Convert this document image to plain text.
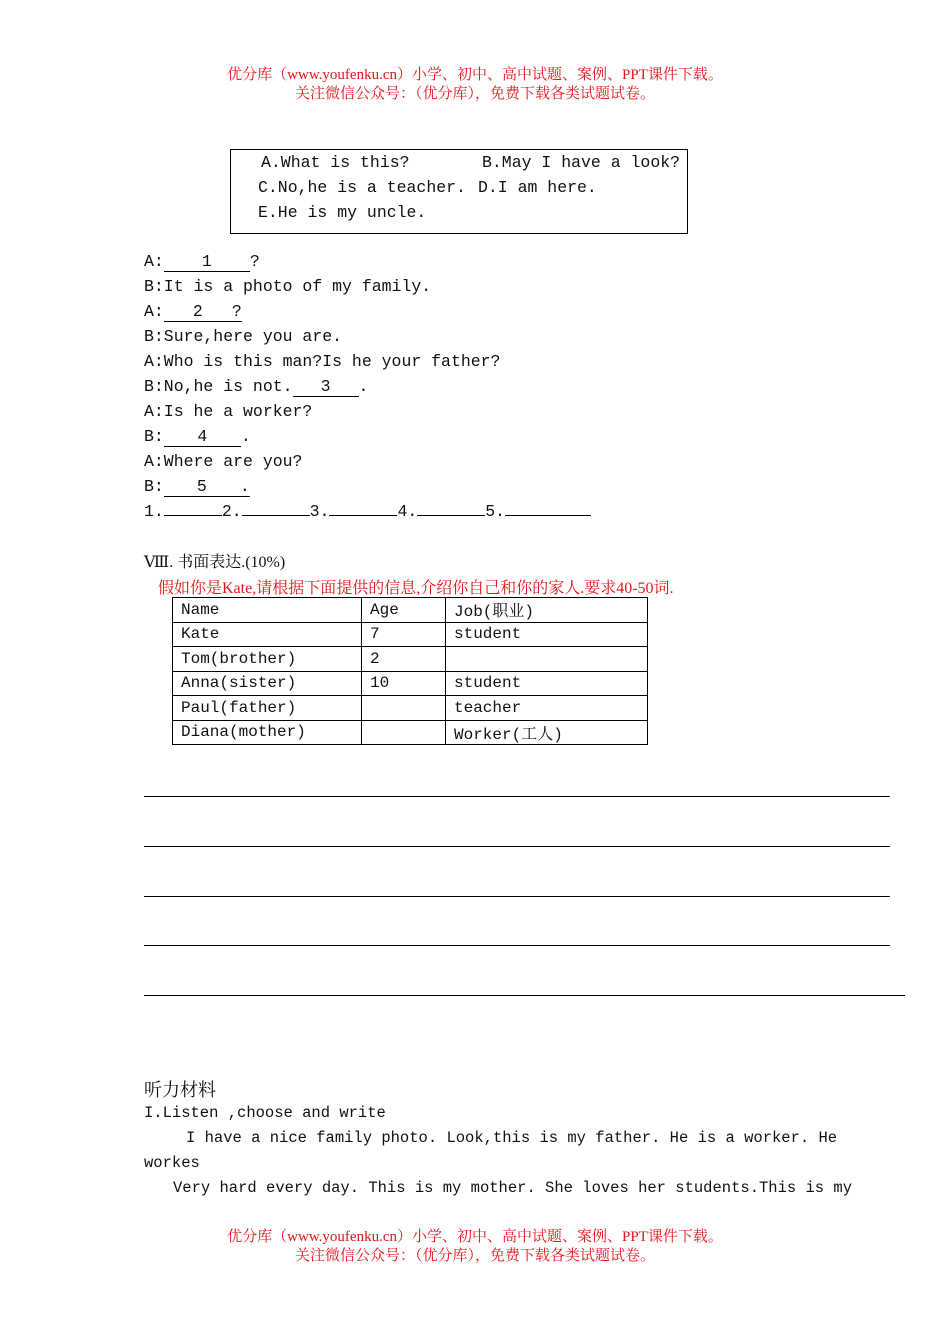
优分库（www.youfenku.cn）小学、初中、高中试题、案例、PPT课件下载。
关注微信公众号：（优分库），免费下载各类试题试卷。
A.What is this?	B.May I have a look?
C.No,he is a teacher. D.I am here.
E.He is my uncle.
A: 1 ?
B:It is a photo of my family.
A: 2 ?
B:Sure,here you are.
A:Who is this man?Is he your father?
B:No,he is not. 3 .
A:Is he a worker?
B: 4 .
A:Where are you?
B: 5 .
1.	2.	3.	4.	5.
Ⅷ. 书面表达.(10%)
假如你是Kate,请根据下面提供的信息,介绍你自己和你的家人.要求40-50词.
Name	Age	Job(职业)
Kate	7	student
Tom(brother)	2	
Anna(sister)	10	student
Paul(father)		teacher
Diana(mother)		Worker(工人)
听力材料
I.Listen ,choose and write
I have a nice family photo. Look,this is my father. He is a worker. He
workes
Very hard every day. This is my mother. She loves her students.This is my
优分库（www.youfenku.cn）小学、初中、高中试题、案例、PPT课件下载。
关注微信公众号：（优分库），免费下载各类试题试卷。
